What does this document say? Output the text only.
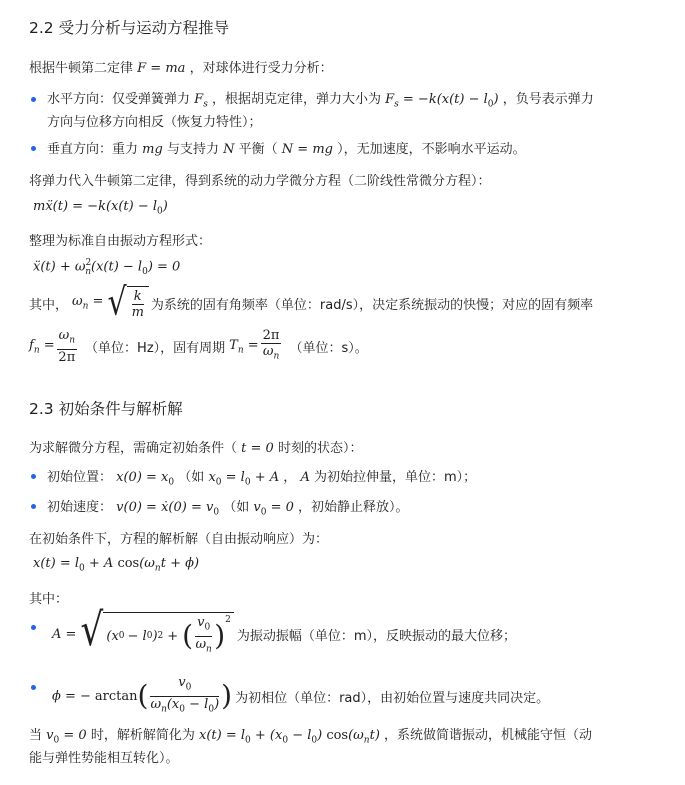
2.2 受力分析与运动方程推导
根据牛顿第二定律 F = ma ，对球体进行受力分析：
水平方向：仅受弹簧弹力 $F_s$ ，根据胡克定律，弹力大小为 $F_s = -k(x(t) - l_0)$ ，负号表示弹力
方向与位移方向相反（恢复力特性）；
垂直方向：重力 mg 与支持力 N 平衡（ N = mg ），无加速度，不影响水平运动。
将弹力代入牛顿第二定律，得到系统的动力学微分方程（二阶线性常微分方程）：
mẍ(t) = $-k(x(t) - l_0)$
整理为标准自由振动方程形式：
ẍ(t) + $\omega^2_n(x(t) - l_0) = 0$
其中， $\omega_n$ = √ $\frac{k}{m}$ 为系统的固有角频率（单位：rad/s），决定系统振动的快慢；对应的固有频率
$f_n = \frac{\omega_n}{2\pi}$ （单位：Hz），固有周期 $T_n = \frac{2\pi}{\omega_n}$ （单位：s）。
2.3 初始条件与解析解
为求解微分方程，需确定初始条件（ t = 0 时刻的状态）：
初始位置： $x(0) = x_0$ （如 $x_0 = l_0 + A$ ， A 为初始拉伸量，单位：m）；
初始速度： v(0) = ẋ(0) = $v_0$ （如 $v_0 = 0$ ，初始静止释放）。
在初始条件下，方程的解析解（自由振动响应）为：
$x(t) = l_0 + A$ $\cos(\omega_nt + \phi)$
其中：
A = √ (x 0 − l 0 ) 2 + ( $\frac{v_0}{\omega_n} )^2$
为振动振幅（单位：m），反映振动的最大位移；
ϕ = − arctan ( $\frac{v_0}{\omega_n(x_0 - l_0)}$ ) 为初相位（单位：rad），由初始位置与速度共同决定。
当 $v_0 = 0$ 时，解析解简化为 $x(t) = l_0 + (x_0 - l_0)$ $\cos(\omega_nt)$ ，系统做简谐振动，机械能守恒（动
能与弹性势能相互转化）。
